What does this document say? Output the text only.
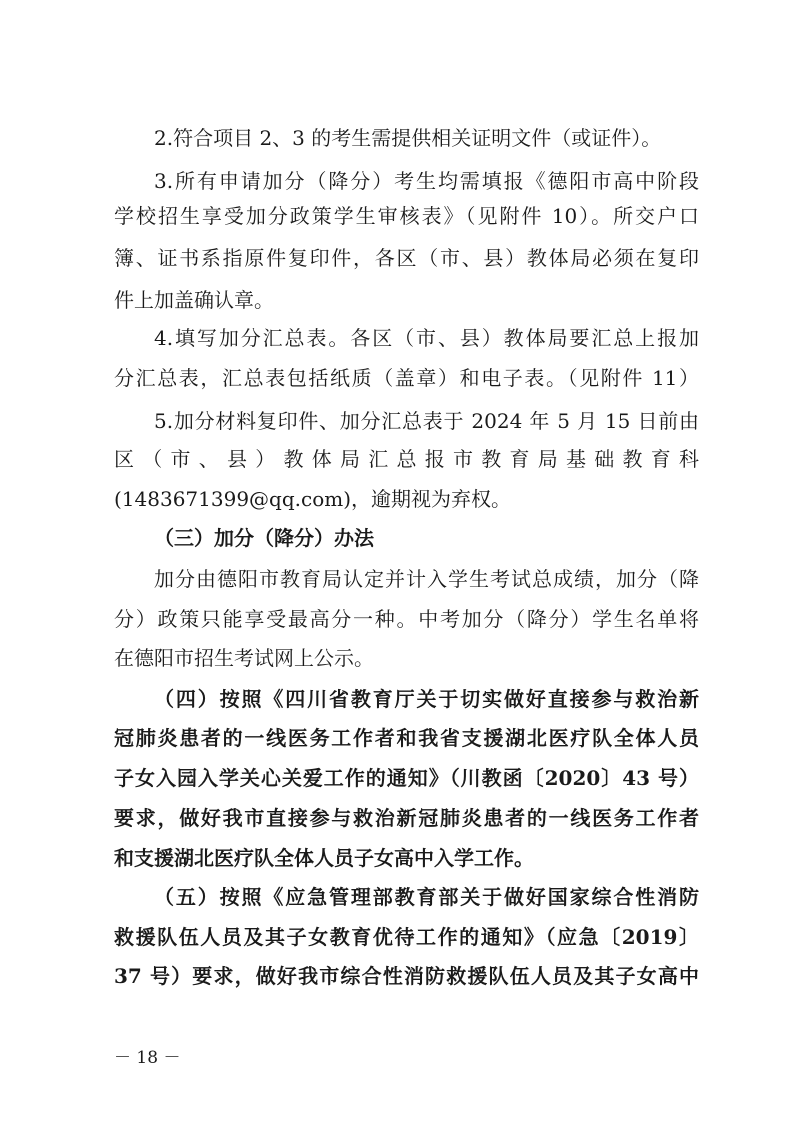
2.符合项目 2、3 的考生需提供相关证明文件（或证件）。
3.所有申请加分（降分）考生均需填报《德阳市高中阶段
学校招生享受加分政策学生审核表》（见附件 10）。所交户口
簿、证书系指原件复印件，各区（市、县）教体局必须在复印
件上加盖确认章。
4.填写加分汇总表。各区（市、县）教体局要汇总上报加
分汇总表，汇总表包括纸质（盖章）和电子表。（见附件 11）
5.加分材料复印件、加分汇总表于 2024 年 5 月 15 日前由
区（市、县）教体局汇总报市教育局基础教育科
(1483671399@qq.com)，逾期视为弃权。
（三）加分（降分）办法
加分由德阳市教育局认定并计入学生考试总成绩，加分（降
分）政策只能享受最高分一种。中考加分（降分）学生名单将
在德阳市招生考试网上公示。
（四）按照《四川省教育厅关于切实做好直接参与救治新
冠肺炎患者的一线医务工作者和我省支援湖北医疗队全体人员
子女入园入学关心关爱工作的通知》（川教函〔2020〕43 号）
要求，做好我市直接参与救治新冠肺炎患者的一线医务工作者
和支援湖北医疗队全体人员子女高中入学工作。
（五）按照《应急管理部教育部关于做好国家综合性消防
救援队伍人员及其子女教育优待工作的通知》（应急〔2019〕
37 号）要求，做好我市综合性消防救援队伍人员及其子女高中
－ 18 －
